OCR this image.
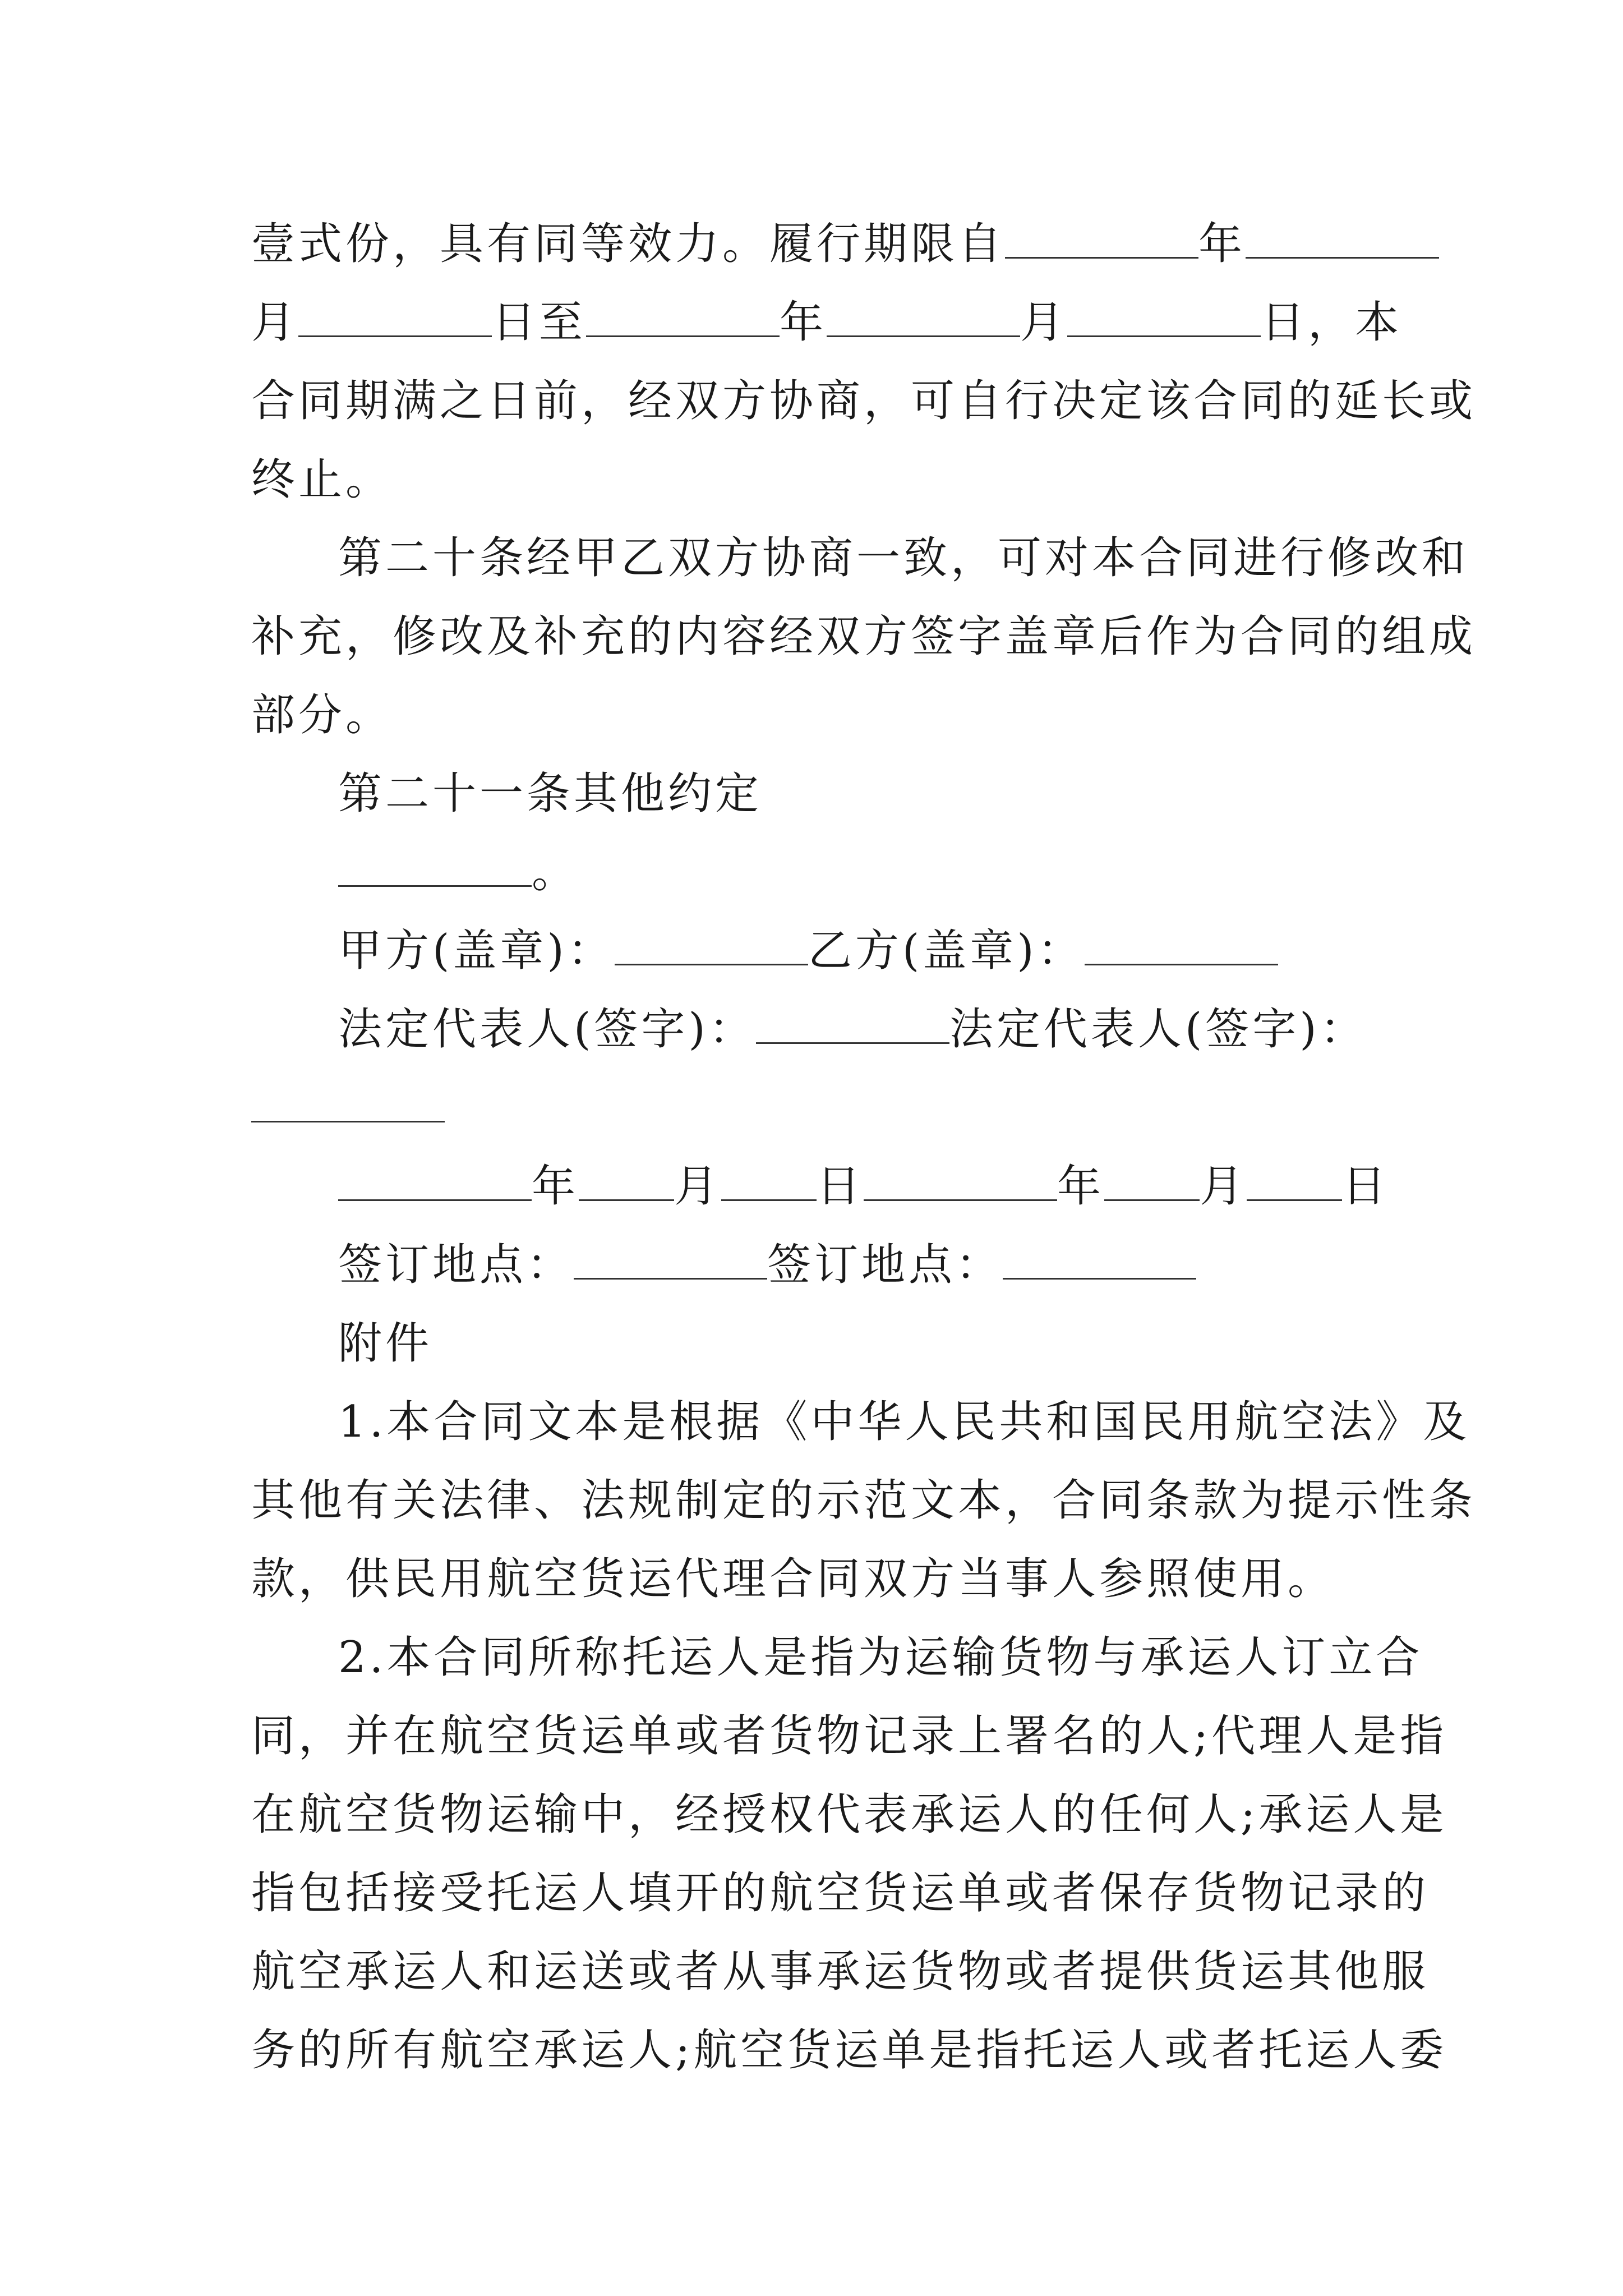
壹式份，具有同等效力。履行期限自	年
月	日至	年	月	日，本
合同期满之日前，经双方协商，可自行决定该合同的延长或
终止。
第二十条经甲乙双方协商一致，可对本合同进行修改和
补充，修改及补充的内容经双方签字盖章后作为合同的组成
部分。
第二十一条其他约定
。
甲方(盖章)：	乙方(盖章)：
法定代表人(签字)：	法定代表人(签字)：
年 月 日	年 月 日
签订地点：	签订地点：
附件
1.本合同文本是根据《中华人民共和国民用航空法》及
其他有关法律、法规制定的示范文本，合同条款为提示性条
款，供民用航空货运代理合同双方当事人参照使用。
2.本合同所称托运人是指为运输货物与承运人订立合
同，并在航空货运单或者货物记录上署名的人;代理人是指
在航空货物运输中，经授权代表承运人的任何人;承运人是
指包括接受托运人填开的航空货运单或者保存货物记录的
航空承运人和运送或者从事承运货物或者提供货运其他服
务的所有航空承运人;航空货运单是指托运人或者托运人委
